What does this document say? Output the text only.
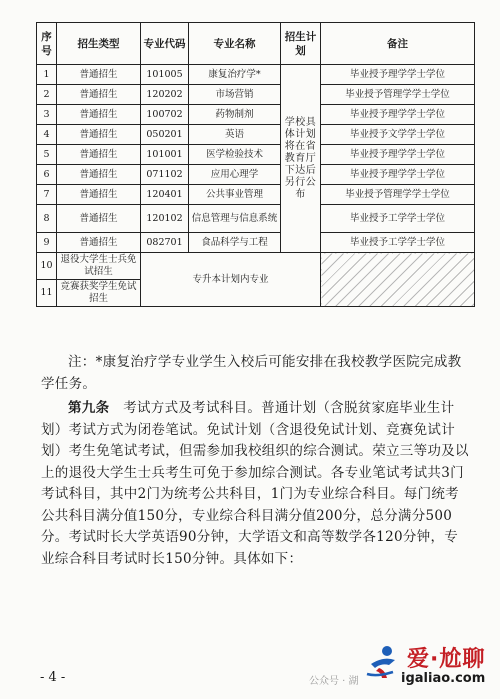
序号	招生类型	专业代码	专业名称	招生计划	备注
1	普通招生	101005	康复治疗学*	学校具体计划将在省教育厅下达后另行公布	毕业授予理学学士学位
2	普通招生	120202	市场营销		毕业授予管理学学士学位
3	普通招生	100702	药物制剂		毕业授予理学学士学位
4	普通招生	050201	英语		毕业授予文学学士学位
5	普通招生	101001	医学检验技术		毕业授予理学学士学位
6	普通招生	071102	应用心理学		毕业授予理学学士学位
7	普通招生	120401	公共事业管理		毕业授予管理学学士学位
8	普通招生	120102	信息管理与信息系统		毕业授予工学学士学位
9	普通招生	082701	食品科学与工程		毕业授予工学学士学位
10	退役大学生士兵免试招生	专升本计划内专业			
11	竞赛获奖学生免试招生				

注：*康复治疗学专业学生入校后可能安排在我校教学医院完成教学任务。

第九条 考试方式及考试科目。普通计划（含脱贫家庭毕业生计划）考试方式为闭卷笔试。免试计划（含退役免试计划、竞赛免试计划）考生免笔试考试，但需参加我校组织的综合测试。荣立三等功及以上的退役大学生士兵考生可免于参加综合测试。各专业笔试考试共3门考试科目，其中2门为统考公共科目，1门为专业综合科目。每门统考公共科目满分值150分，专业综合科目满分值200分，总分满分500分。考试时长大学英语90分钟，大学语文和高等数学各120分钟，专业综合科目考试时长150分钟。具体如下：

- 4 -	公众号 · 湖
爱·尬聊
igaliao.com
